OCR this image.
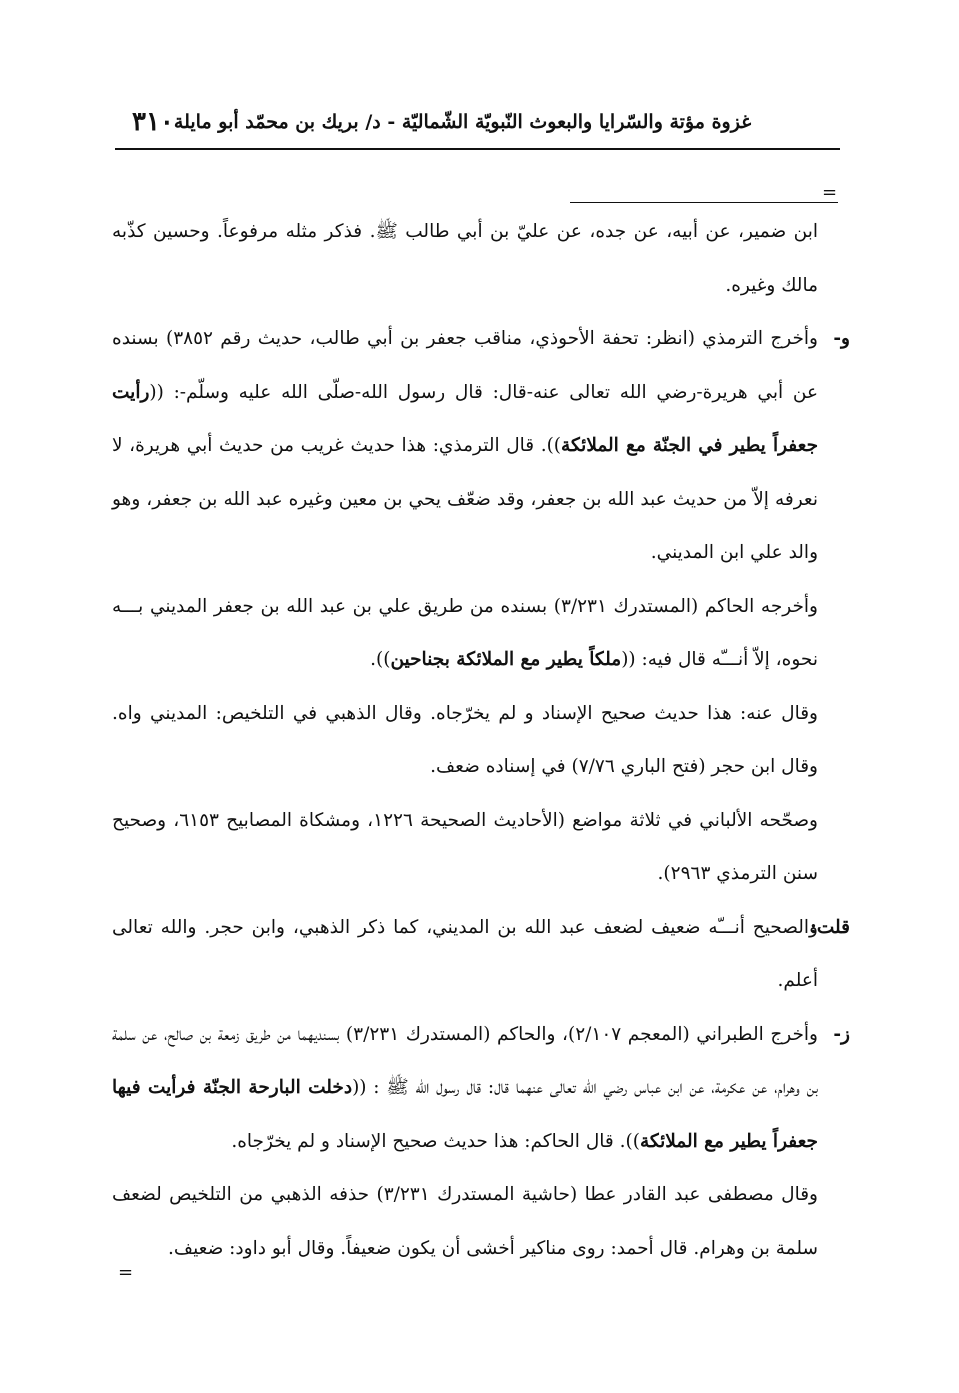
٣١٠ غزوة مؤتة والسّرايا والبعوث النّبويّة الشّماليّة - د/ بريك بن محمّد أبو مايلة
=
ابن ضمير، عن أبيه، عن جده، عن عليّ بن أبي طالب ﷺ. فذكر مثله مرفوعاً. وحسين كذّبه مالك وغيره.
و-
وأخرج الترمذي (انظر: تحفة الأحوذي، مناقب جعفر بن أبي طالب، حديث رقم ٣٨٥٢) بسنده عن أبي هريرة-رضي الله تعالى عنه-قال: قال رسول الله-صلّى الله عليه وسلّم-: ((رأيت جعفراً يطير في الجنّة مع الملائكة)). قال الترمذي: هذا حديث غريب من حديث أبي هريرة، لا نعرفه إلاّ من حديث عبد الله بن جعفر، وقد ضعّف يحي بن معين وغيره عبد الله بن جعفر، وهو والد علي ابن المديني.
وأخرجه الحاكم (المستدرك ٣/٢٣١) بسنده من طريق علي بن عبد الله بن جعفر المديني بـــه نحوه، إلاّ أنـــّه قال فيه: ((ملكاً يطير مع الملائكة بجناحين)).
وقال عنه: هذا حديث صحيح الإسناد و لم يخرّجاه. وقال الذهبي في التلخيص: المديني واه. وقال ابن حجر (فتح الباري ٧/٧٦) في إسناده ضعف.
وصحّحه الألباني في ثلاثة مواضع (الأحاديث الصحيحة ١٢٢٦، ومشكاة المصابيح ٦١٥٣، وصحيح سنن الترمذي ٢٩٦٣).
قلت:
والصحيح أنـــّه ضعيف لضعف عبد الله بن المديني، كما ذكر الذهبي، وابن حجر. والله تعالى أعلم.
ز-
وأخرج الطبراني (المعجم ٢/١٠٧)، والحاكم (المستدرك ٣/٢٣١) بسنديهما من طريق زمعة بن صالح، عن سلمة بن وهرام، عن عكرمة، عن ابن عباس رضي الله تعالى عنهما قال: قال رسول الله ﷺ : ((دخلت البارحة الجنّة فرأيت فيها جعفراً يطير مع الملائكة)). قال الحاكم: هذا حديث صحيح الإسناد و لم يخرّجاه.
وقال مصطفى عبد القادر عطا (حاشية المستدرك ٣/٢٣١) حذفه الذهبي من التلخيص لضعف سلمة بن وهرام. قال أحمد: روى مناكير أخشى أن يكون ضعيفاً. وقال أبو داود: ضعيف.
=
